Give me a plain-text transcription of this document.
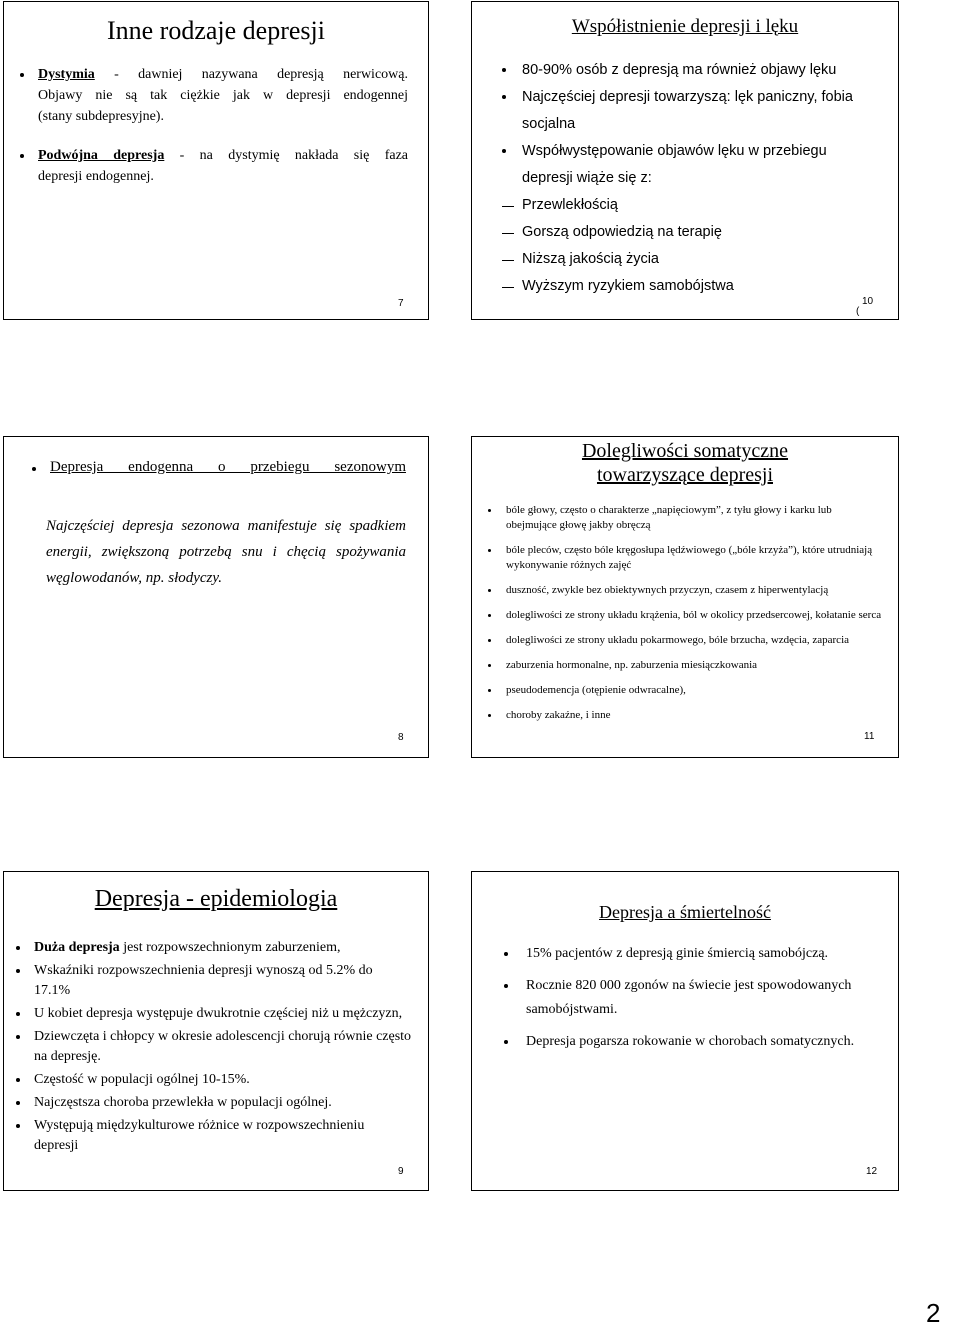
Inne rodzaje depresji
Dystymia - dawniej nazywana depresją nerwicową.
Objawy nie są tak ciężkie jak w depresji endogennej
(stany subdepresyjne).
Podwójna depresja - na dystymię nakłada się faza
depresji endogennej.
7
Współistnienie depresji i lęku
80-90% osób z depresją ma również objawy lęku
Najczęściej depresji towarzyszą: lęk paniczny, fobia socjalna
Współwystępowanie objawów lęku w przebiegu depresji wiąże się z:
Przewlekłością
Gorszą odpowiedzią na terapię
Niższą jakością życia
Wyższym ryzykiem samobójstwa
(
10
Depresja endogenna o przebiegu sezonowym
Najczęściej depresja sezonowa manifestuje się spadkiem energii, zwiększoną potrzebą snu i chęcią spożywania węglowodanów, np. słodyczy.
8
Dolegliwości somatyczne
towarzyszące depresji
bóle głowy, często o charakterze „napięciowym”, z tyłu głowy i karku lub obejmujące głowę jakby obręczą
bóle pleców, często bóle kręgosłupa lędźwiowego („bóle krzyża”), które utrudniają wykonywanie różnych zajęć
duszność, zwykle bez obiektywnych przyczyn, czasem z hiperwentylacją
dolegliwości ze strony układu krążenia, ból w okolicy przedsercowej, kołatanie serca
dolegliwości ze strony układu pokarmowego, bóle brzucha, wzdęcia, zaparcia
zaburzenia hormonalne, np. zaburzenia miesiączkowania
pseudodemencja (otępienie odwracalne),
choroby zakaźne, i inne
11
Depresja - epidemiologia
Duża depresja jest rozpowszechnionym zaburzeniem,
Wskaźniki rozpowszechnienia depresji wynoszą od 5.2% do 17.1%
U kobiet depresja występuje dwukrotnie częściej niż u mężczyzn,
Dziewczęta i chłopcy w okresie adolescencji chorują równie często na depresję.
Częstość w populacji ogólnej 10-15%.
Najczęstsza choroba przewlekła w populacji ogólnej.
Występują międzykulturowe różnice w rozpowszechnieniu depresji
9
Depresja a śmiertelność
15% pacjentów z depresją ginie śmiercią samobójczą.
Rocznie 820 000 zgonów na świecie jest spowodowanych samobójstwami.
Depresja pogarsza rokowanie w chorobach somatycznych.
12
2
